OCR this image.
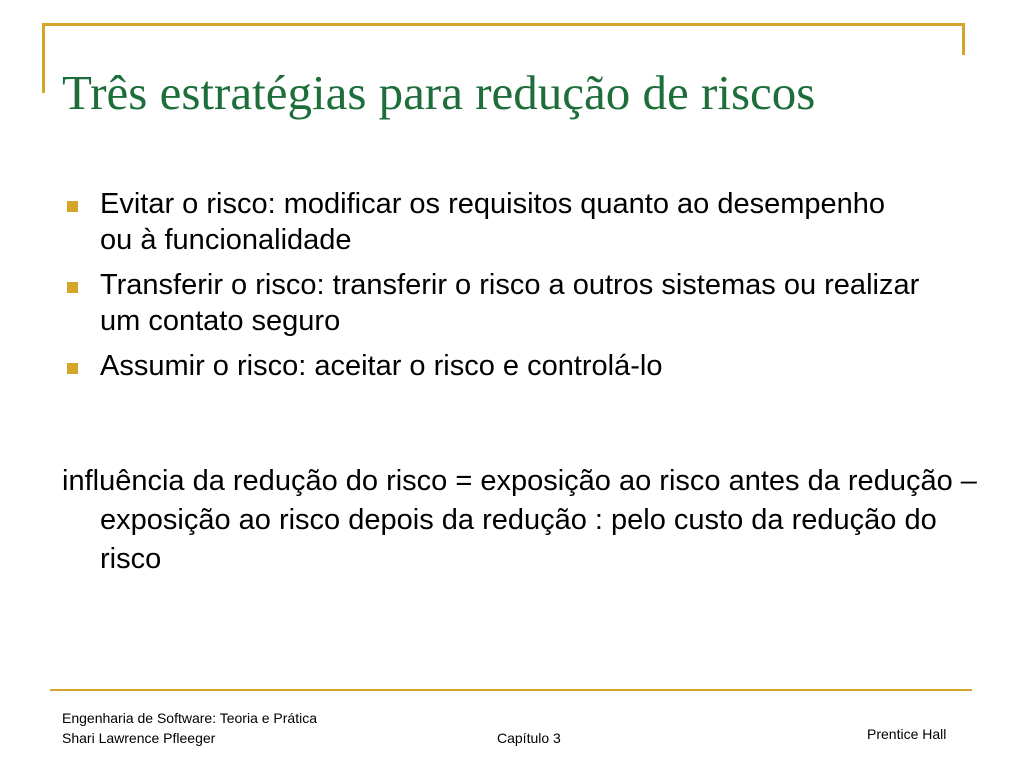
Três estratégias para redução de riscos
Evitar o risco: modificar os requisitos quanto ao desempenho ou à funcionalidade
Transferir o risco: transferir o risco a outros sistemas ou realizar um contato seguro
Assumir o risco: aceitar o risco e controlá-lo

influência da redução do risco = exposição ao risco antes da redução – exposição ao risco depois da redução : pelo custo da redução do risco

Engenharia de Software: Teoria e Prática
Shari Lawrence Pfleeger	Capítulo 3	Prentice Hall
